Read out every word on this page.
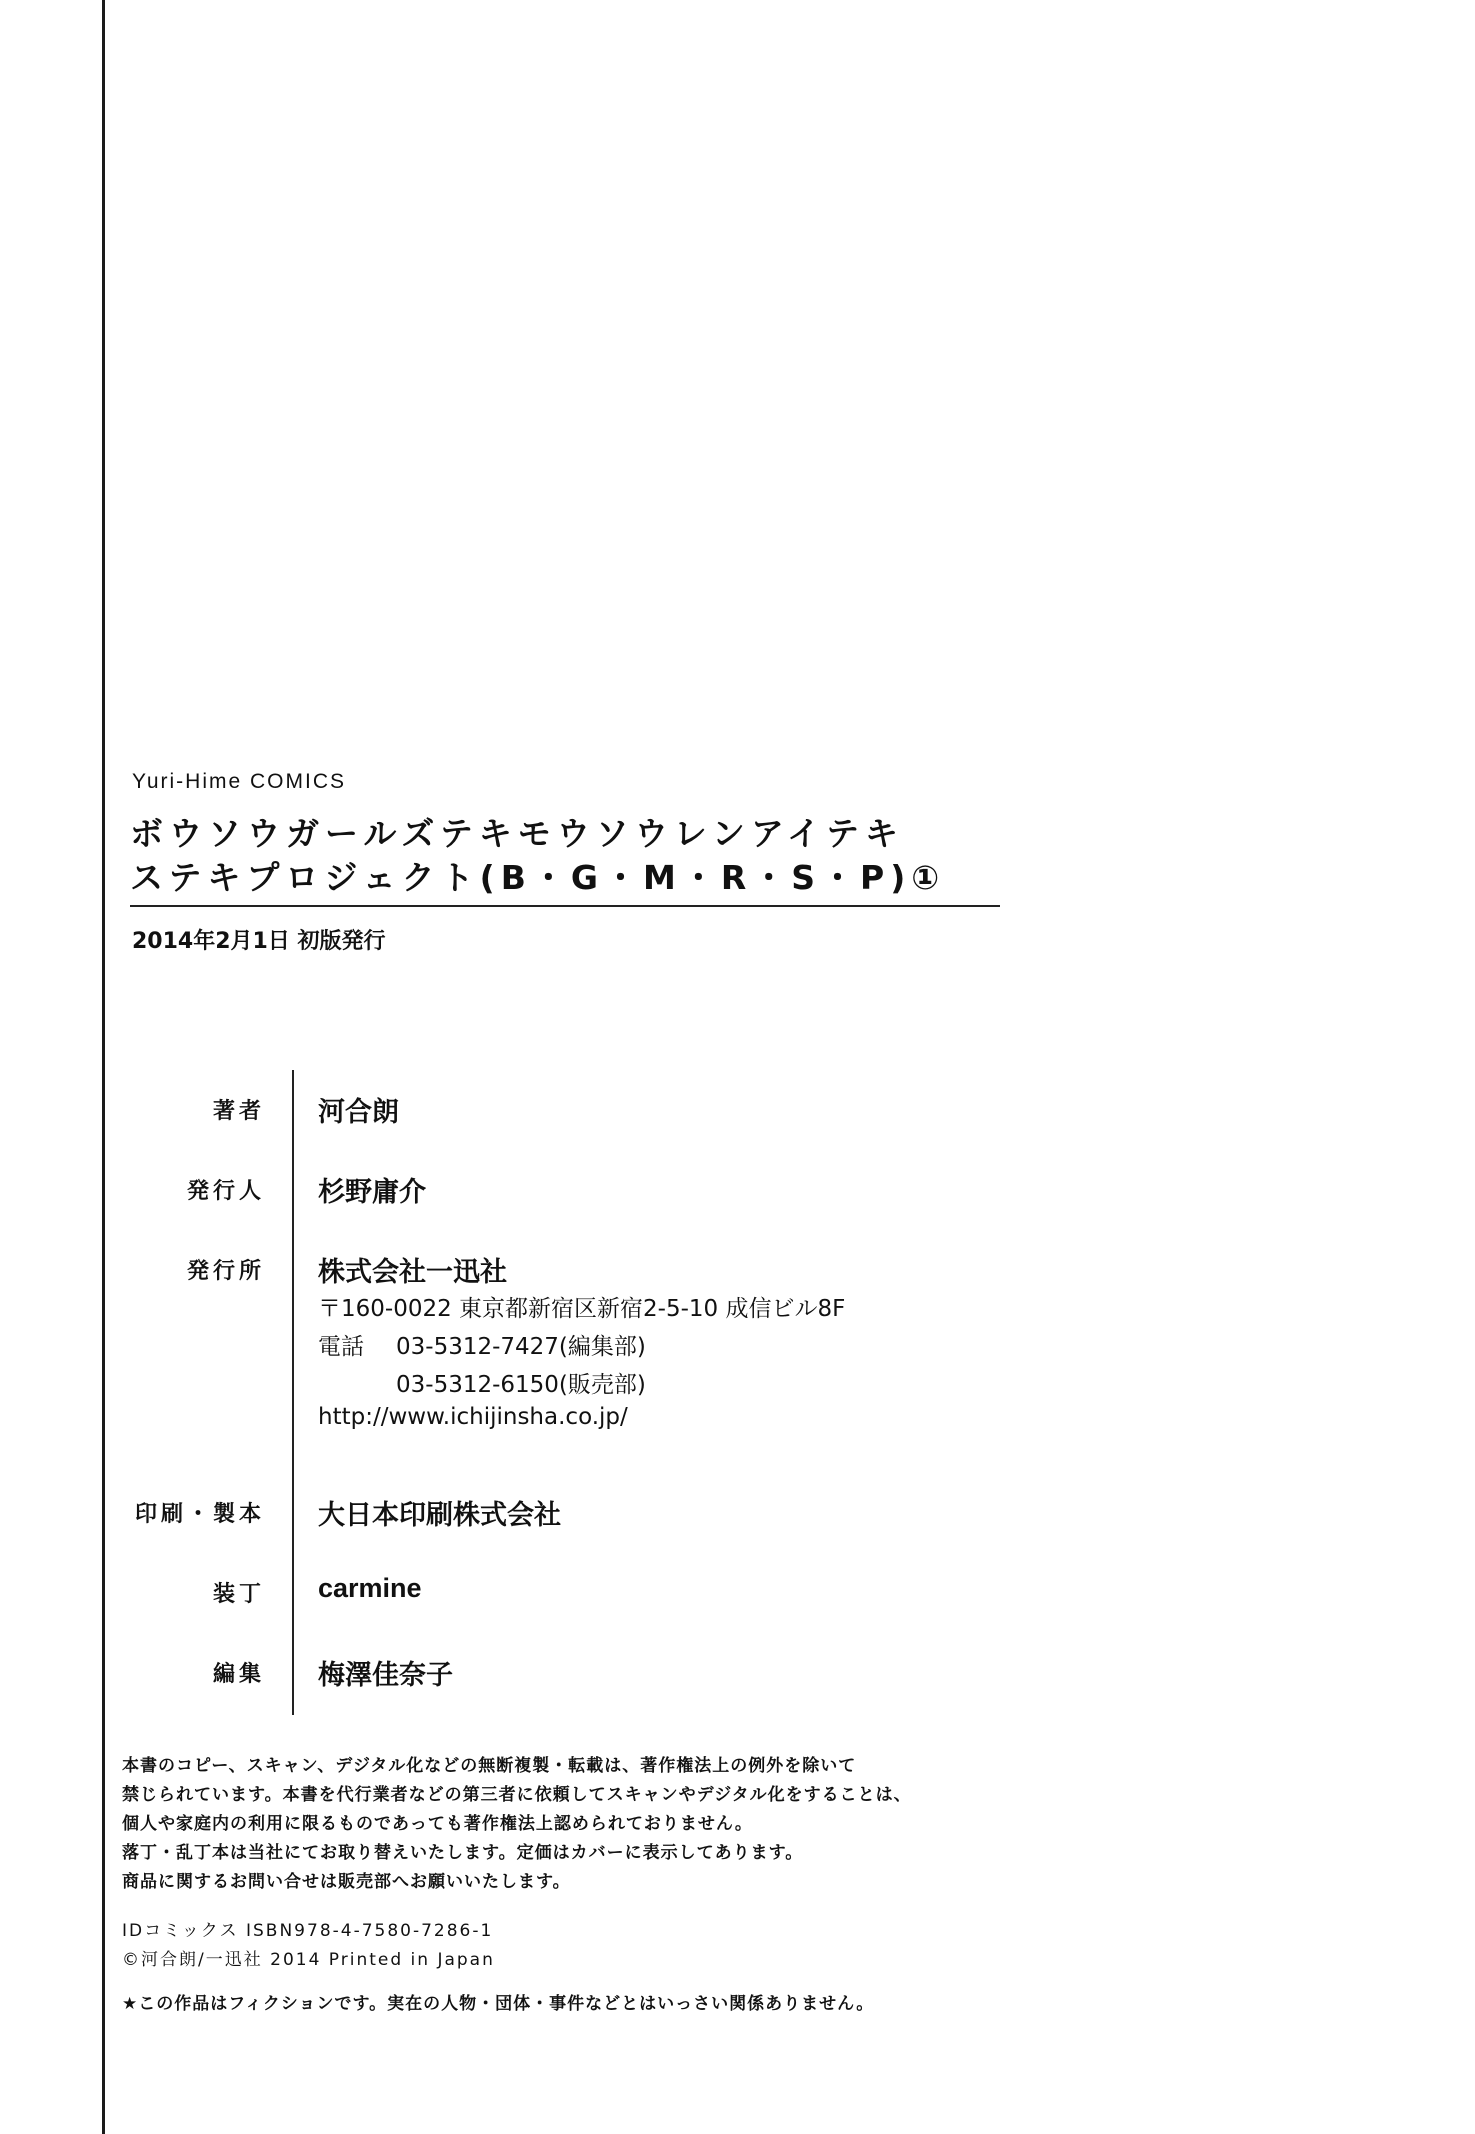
Yuri-Hime COMICS
ボウソウガールズテキモウソウレンアイテキ
ステキプロジェクト(B・G・M・R・S・P)①
2014年2月1日 初版発行
著者 河合朗
発行人 杉野庸介
発行所 株式会社一迅社
〒160-0022 東京都新宿区新宿2-5-10 成信ビル8F
電話 03-5312-7427(編集部)
03-5312-6150(販売部)
http://www.ichijinsha.co.jp/
印刷・製本 大日本印刷株式会社
装丁 carmine
編集 梅澤佳奈子
本書のコピー、スキャン、デジタル化などの無断複製・転載は、著作権法上の例外を除いて
禁じられています。本書を代行業者などの第三者に依頼してスキャンやデジタル化をすることは、
個人や家庭内の利用に限るものであっても著作権法上認められておりません。
落丁・乱丁本は当社にてお取り替えいたします。定価はカバーに表示してあります。
商品に関するお問い合せは販売部へお願いいたします。
IDコミックス ISBN978-4-7580-7286-1
©河合朗/一迅社 2014 Printed in Japan
★この作品はフィクションです。実在の人物・団体・事件などとはいっさい関係ありません。
